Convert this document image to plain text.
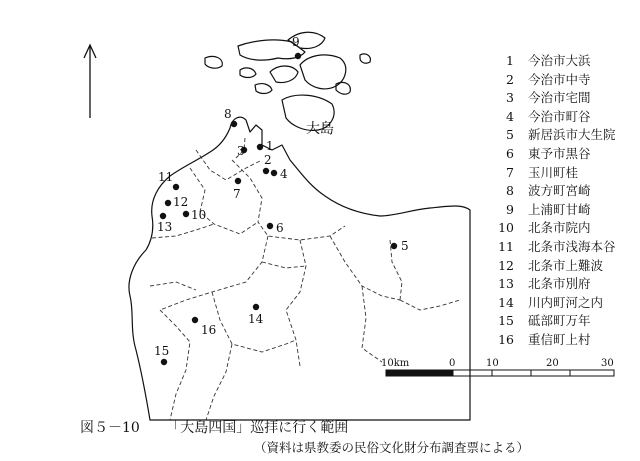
1
2
3
4
5
6
7
8
9
10
11
12
13
14
15
16
大島
1 今治市大浜
2 今治市中寺
3 今治市宅間
4 今治市町谷
5 新居浜市大生院
6 東予市黒谷
7 玉川町桂
8 波方町宮崎
9 上浦町甘崎
10 北条市院内
11 北条市浅海本谷
12 北条市上難波
13 北条市別府
14 川内町河之内
15 砥部町万年
16 重信町上村
10km	0	10	20	30
図５－10 「大島四国」巡拝に行く範囲
（資料は県教委の民俗文化財分布調査票による）
